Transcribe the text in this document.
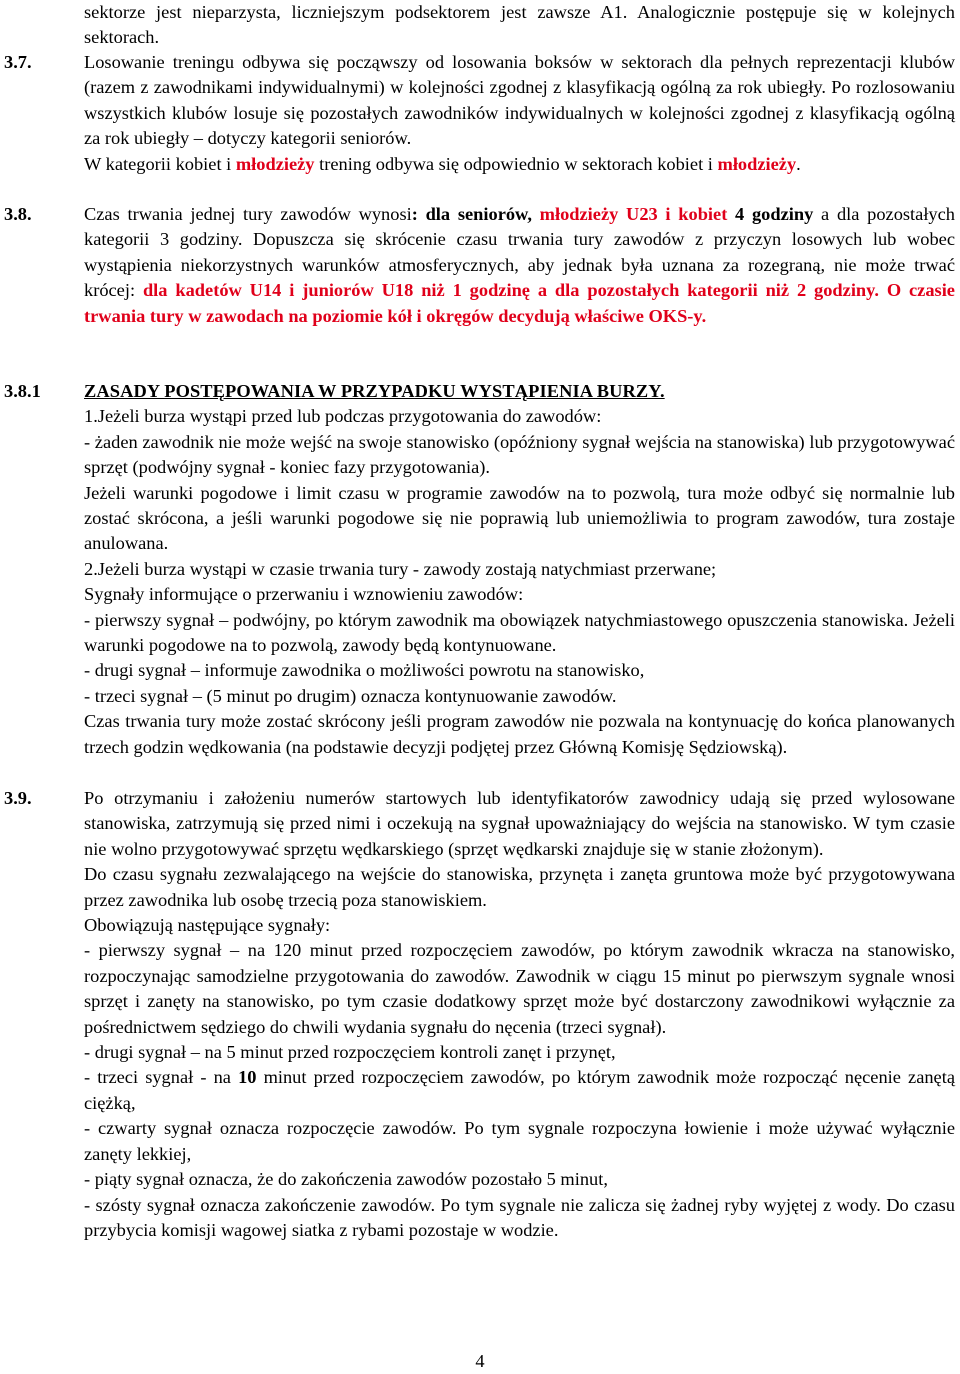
sektorze jest nieparzysta, liczniejszym podsektorem jest zawsze A1. Analogicznie postępuje się w kolejnych sektorach.

3.7.	Losowanie treningu odbywa się począwszy od losowania boksów w sektorach dla pełnych reprezentacji klubów (razem z zawodnikami indywidualnymi) w kolejności zgodnej z klasyfikacją ogólną za rok ubiegły. Po rozlosowaniu wszystkich klubów losuje się pozostałych zawodników indywidualnych w kolejności zgodnej z klasyfikacją ogólną za rok ubiegły – dotyczy kategorii seniorów.

W kategorii kobiet i młodzieży trening odbywa się odpowiednio w sektorach kobiet i młodzieży.

3.8.	Czas trwania jednej tury zawodów wynosi: dla seniorów, młodzieży U23 i kobiet 4 godziny a dla pozostałych kategorii 3 godziny. Dopuszcza się skrócenie czasu trwania tury zawodów z przyczyn losowych lub wobec wystąpienia niekorzystnych warunków atmosferycznych, aby jednak była uznana za rozegraną, nie może trwać krócej: dla kadetów U14 i juniorów U18 niż 1 godzinę a dla pozostałych kategorii niż 2 godziny. O czasie trwania tury w zawodach na poziomie kół i okręgów decydują właściwe OKS-y.

3.8.1 ZASADY POSTĘPOWANIA W PRZYPADKU WYSTĄPIENIA BURZY.

1.Jeżeli burza wystąpi przed lub podczas przygotowania do zawodów:

- żaden zawodnik nie może wejść na swoje stanowisko (opóźniony sygnał wejścia na stanowiska) lub przygotowywać sprzęt (podwójny sygnał - koniec fazy przygotowania).

Jeżeli warunki pogodowe i limit czasu w programie zawodów na to pozwolą, tura może odbyć się normalnie lub zostać skrócona, a jeśli warunki pogodowe się nie poprawią lub uniemożliwia to program zawodów, tura zostaje anulowana.

2.Jeżeli burza wystąpi w czasie trwania tury - zawody zostają natychmiast przerwane;

Sygnały informujące o przerwaniu i wznowieniu zawodów:

- pierwszy sygnał – podwójny, po którym zawodnik ma obowiązek natychmiastowego opuszczenia stanowiska. Jeżeli warunki pogodowe na to pozwolą, zawody będą kontynuowane.

- drugi sygnał – informuje zawodnika o możliwości powrotu na stanowisko,

- trzeci sygnał – (5 minut po drugim) oznacza kontynuowanie zawodów.

Czas trwania tury może zostać skrócony jeśli program zawodów nie pozwala na kontynuację do końca planowanych trzech godzin wędkowania (na podstawie decyzji podjętej przez Główną Komisję Sędziowską).

3.9.	Po otrzymaniu i założeniu numerów startowych lub identyfikatorów zawodnicy udają się przed wylosowane stanowiska, zatrzymują się przed nimi i oczekują na sygnał upoważniający do wejścia na stanowisko. W tym czasie nie wolno przygotowywać sprzętu wędkarskiego (sprzęt wędkarski znajduje się w stanie złożonym).

Do czasu sygnału zezwalającego na wejście do stanowiska, przynęta i zanęta gruntowa może być przygotowywana przez zawodnika lub osobę trzecią poza stanowiskiem.

Obowiązują następujące sygnały:

- pierwszy sygnał – na 120 minut przed rozpoczęciem zawodów, po którym zawodnik wkracza na stanowisko, rozpoczynając samodzielne przygotowania do zawodów. Zawodnik w ciągu 15 minut po pierwszym sygnale wnosi sprzęt i zanęty na stanowisko, po tym czasie dodatkowy sprzęt może być dostarczony zawodnikowi wyłącznie za pośrednictwem sędziego do chwili wydania sygnału do nęcenia (trzeci sygnał).

- drugi sygnał – na 5 minut przed rozpoczęciem kontroli zanęt i przynęt,

- trzeci sygnał - na 10 minut przed rozpoczęciem zawodów, po którym zawodnik może rozpocząć nęcenie zanętą ciężką,

- czwarty sygnał oznacza rozpoczęcie zawodów. Po tym sygnale rozpoczyna łowienie i może używać wyłącznie zanęty lekkiej,

- piąty sygnał oznacza, że do zakończenia zawodów pozostało 5 minut,

- szósty sygnał oznacza zakończenie zawodów. Po tym sygnale nie zalicza się żadnej ryby wyjętej z wody. Do czasu przybycia komisji wagowej siatka z rybami pozostaje w wodzie.

4
